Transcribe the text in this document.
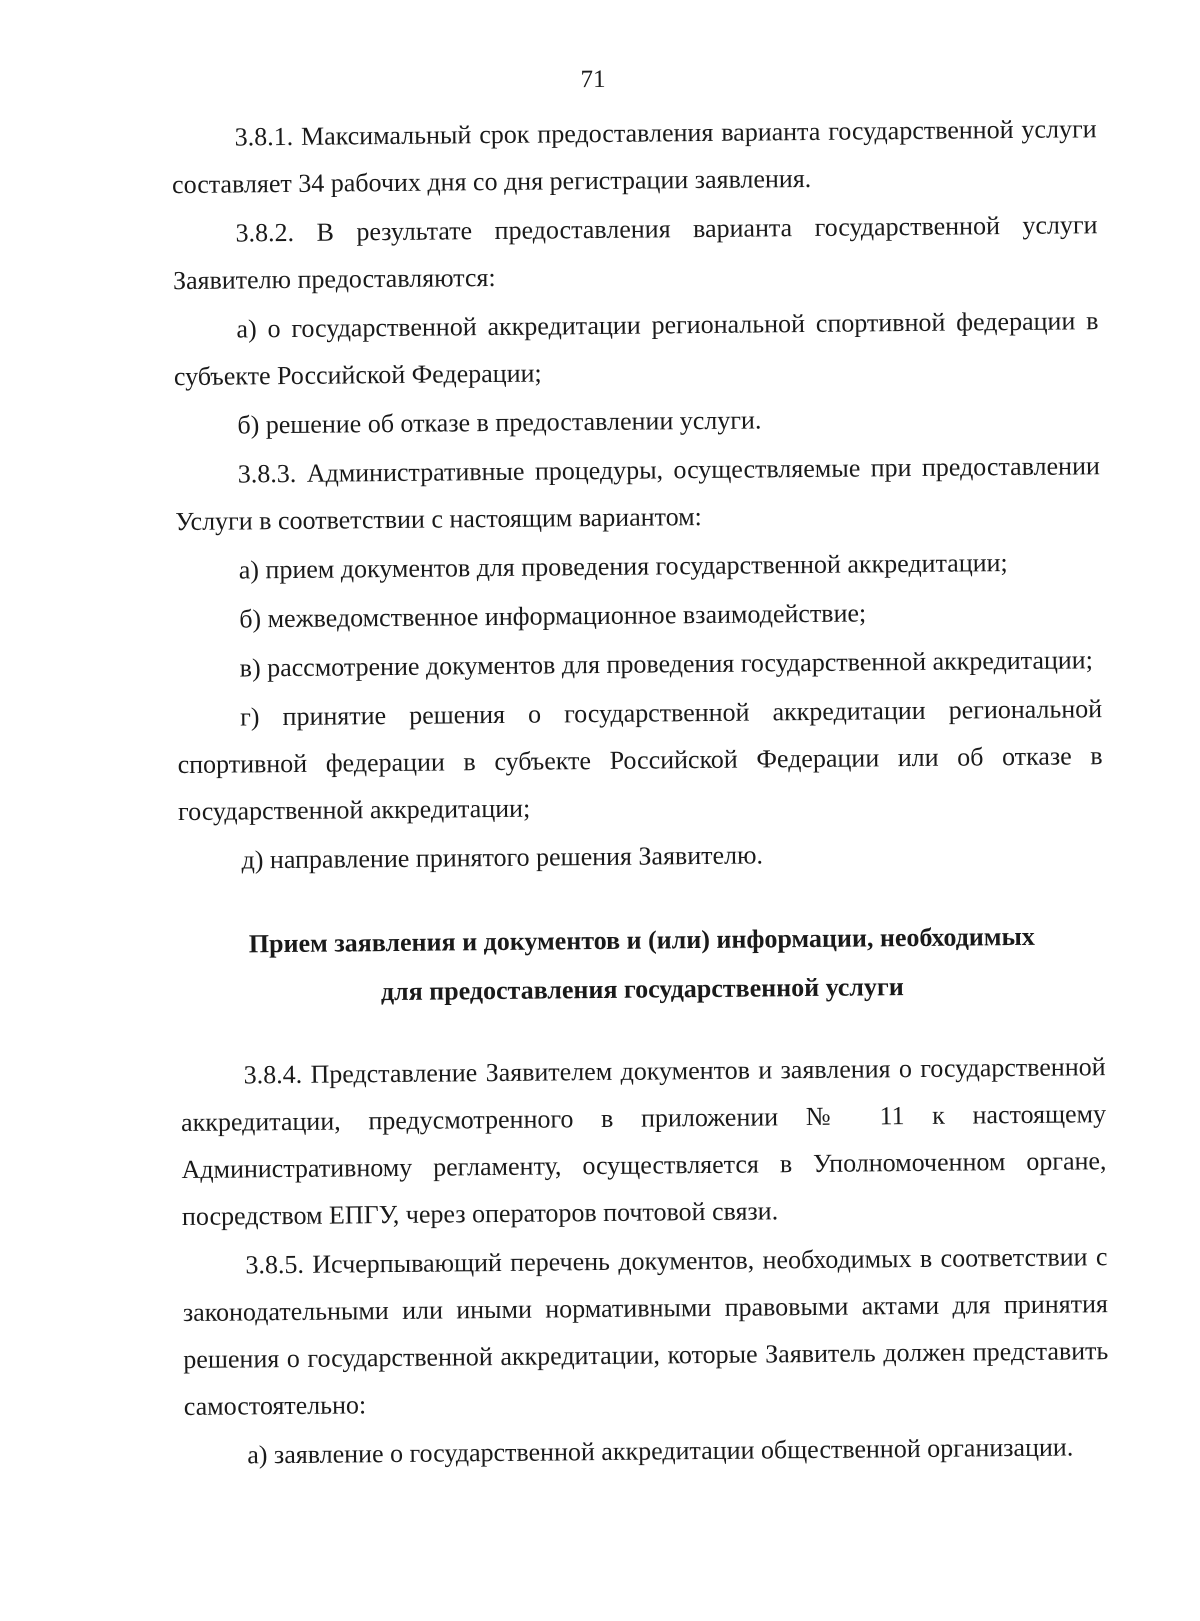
71

3.8.1. Максимальный срок предоставления варианта государственной услуги составляет 34 рабочих дня со дня регистрации заявления.

3.8.2. В результате предоставления варианта государственной услуги Заявителю предоставляются:

а) о государственной аккредитации региональной спортивной федерации в субъекте Российской Федерации;

б) решение об отказе в предоставлении услуги.

3.8.3. Административные процедуры, осуществляемые при предоставлении Услуги в соответствии с настоящим вариантом:

а) прием документов для проведения государственной аккредитации;

б) межведомственное информационное взаимодействие;

в) рассмотрение документов для проведения государственной аккредитации;

г) принятие решения о государственной аккредитации региональной спортивной федерации в субъекте Российской Федерации или об отказе в государственной аккредитации;

д) направление принятого решения Заявителю.

Прием заявления и документов и (или) информации, необходимых
для предоставления государственной услуги

3.8.4. Представление Заявителем документов и заявления о государственной аккредитации, предусмотренного в приложении № 11 к настоящему Административному регламенту, осуществляется в Уполномоченном органе, посредством ЕПГУ, через операторов почтовой связи.

3.8.5. Исчерпывающий перечень документов, необходимых в соответствии с законодательными или иными нормативными правовыми актами для принятия решения о государственной аккредитации, которые Заявитель должен представить самостоятельно:

а) заявление о государственной аккредитации общественной организации.
